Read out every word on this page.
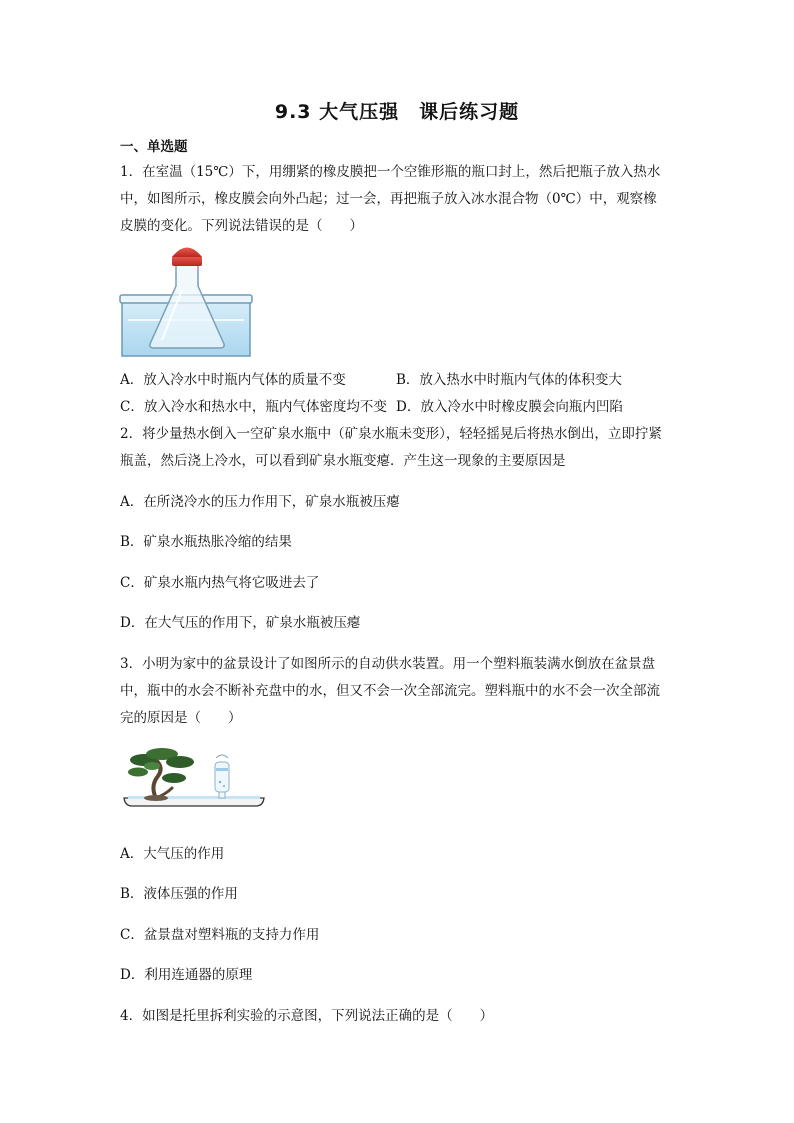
9.3 大气压强　课后练习题
一、单选题
1．在室温（15℃）下，用绷紧的橡皮膜把一个空锥形瓶的瓶口封上，然后把瓶子放入热水
中，如图所示，橡皮膜会向外凸起；过一会，再把瓶子放入冰水混合物（0℃）中，观察橡
皮膜的变化。下列说法错误的是（　　）
A．放入冷水中时瓶内气体的质量不变	B．放入热水中时瓶内气体的体积变大
C．放入冷水和热水中，瓶内气体密度均不变 D．放入冷水中时橡皮膜会向瓶内凹陷
2．将少量热水倒入一空矿泉水瓶中（矿泉水瓶未变形），轻轻摇晃后将热水倒出，立即拧紧
瓶盖，然后浇上冷水，可以看到矿泉水瓶变瘪．产生这一现象的主要原因是
A．在所浇冷水的压力作用下，矿泉水瓶被压瘪
B．矿泉水瓶热胀冷缩的结果
C．矿泉水瓶内热气将它吸进去了
D．在大气压的作用下，矿泉水瓶被压瘪
3．小明为家中的盆景设计了如图所示的自动供水装置。用一个塑料瓶装满水倒放在盆景盘
中，瓶中的水会不断补充盘中的水，但又不会一次全部流完。塑料瓶中的水不会一次全部流
完的原因是（　　）
A．大气压的作用
B．液体压强的作用
C．盆景盘对塑料瓶的支持力作用
D．利用连通器的原理
4．如图是托里拆利实验的示意图，下列说法正确的是（　　）
